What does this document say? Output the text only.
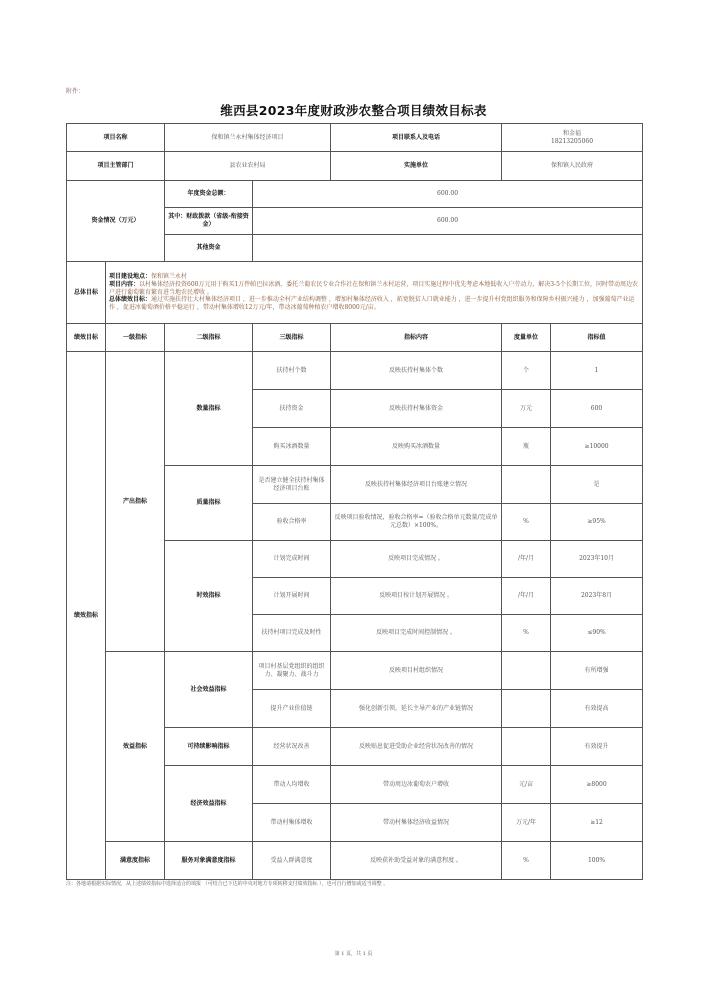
附件：
维西县2023年度财政涉农整合项目绩效目标表
项目名称		保和镇兰永村集体经济项目		项目联系人及电话	和金福
18213205060	

项目主管部门		县农业农村局		实施单位	保和镇人民政府	
资金情况（万元）		年度资金总额：	600.00			
		其中：财政拨款（省级-衔接资金）	600.00			
		其他资金				
总体目标	项目建设地点：保和镇兰永村
项目内容：以村集体经济投资600万元用于购买1万件帕巴拉冰酒，委托兰葡农民专业合作社在保和镇兰永村运营，项目实施过程中优先考虑本地低收入户劳动力，解决3-5个长期工位，同时带动周边农户进行葡萄繁育繁育进当地农民增收 。
总体绩效目标：通过实施扶持壮大村集体经济项目 ，进一步推动全村产业结构调整 ，增加村集体经济收入 ，拓宽脱贫人口就业能力 ，进一步提升村党组织服务和保障乡村振兴能力 ，加强葡萄产业运作 ，促进冰葡萄酒价格平稳运行 ，带动村集体增收12万元/年，带动冰葡萄种植农户增收8000元/亩。					

绩效目标	一级指标	二级指标	三级指标	指标内容	度量单位	指标值
绩效指标	产出指标	数量指标	扶持村个数	反映扶持村集体个数	个	1
			扶持资金	反映扶持村集体资金	万元	600
			购买冰酒数量	反映购买冰酒数量	瓶	≥10000
		质量指标	是否建立健全扶持村集体经济项目台账	反映扶持村集体经济项目台账建立情况		是
			验收合格率	反映项目验收情况，验收合格率=（验收合格单元数量/完成单元总数）×100%。	%	≥95%
		时效指标	计划完成时间	反映项目完成情况 。	/年/月	2023年10月
			计划开展时间	反映项目按计划开展情况 。	/年/月	2023年8月
			扶持村项目完成及时性	反映项目完成时间控制情况 。	%	≤90%
	效益指标	社会效益指标	项目村基层党组织的组织力、凝聚力、战斗力	反映项目村组织情况		有所增强
			提升产业价值链	强化创新引领，延长主导产业的产业链情况		有效提高
		可持续影响指标	经营状况改善	反映贴息促进受助企业经营状况改善的情况		有效提升
		经济效益指标	带动人均增收	带动周边冰葡萄农户增收	元/亩	≥8000
			带动村集体增收	带动村集体经济收益情况	万元/年	≥12
	满意度指标	服务对象满意度指标	受益人群满意度	反映获补助受益对象的满意程度 。	%	100%
注：各地请根据实际情况，从上述绩效指标中选择适合的填报 （可结合已下达的中央对地方专项转移支付绩效指标 ），也可自行增加或适当调整 。
第 1 页，共 1 页
